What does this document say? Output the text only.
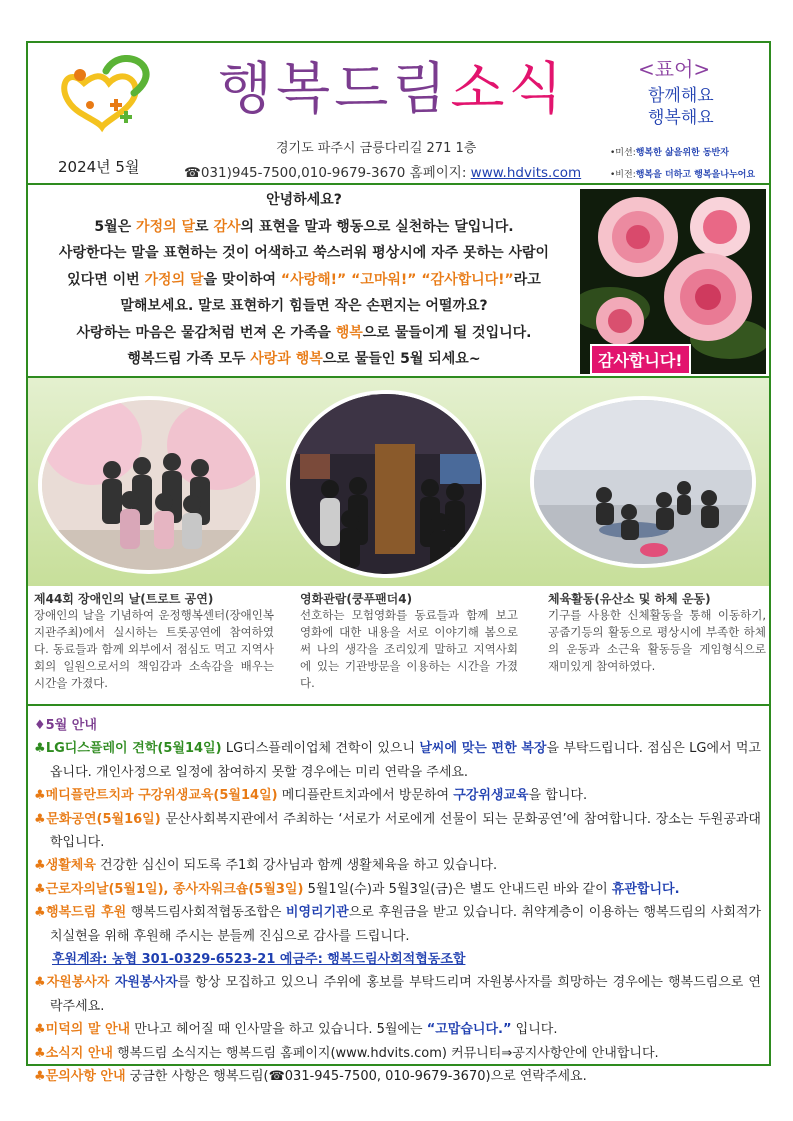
행복드림소식	<표어>
함께해요
행복해요
2024년 5월
경기도 파주시 금릉다리길 271 1층
☎031)945-7500,010-9679-3670 홈페이지: www.hdvits.com
•미션:행복한 삶을위한 동반자
•비전:행복을 더하고 행복을나누어요
안녕하세요?
5월은 가정의 달로 감사의 표현을 말과 행동으로 실천하는 달입니다.
사랑한다는 말을 표현하는 것이 어색하고 쑥스러워 평상시에 자주 못하는 사람이
있다면 이번 가정의 달을 맞이하여 “사랑해!” “고마워!” “감사합니다!”라고
말해보세요. 말로 표현하기 힘들면 작은 손편지는 어떨까요?
사랑하는 마음은 물감처럼 번져 온 가족을 행복으로 물들이게 될 것입니다.
행복드림 가족 모두 사랑과 행복으로 물들인 5월 되세요~	감사합니다!
제44회 장애인의 날(트로트 공연)

장애인의 날을 기념하여 운정행복센터(장애인복지관주최)에서 실시하는 트롯공연에 참여하였다. 동료들과 함께 외부에서 점심도 먹고 지역사회의 일원으로서의 책임감과 소속감을 배우는 시간을 가졌다.

영화관람(쿵푸팬더4)

선호하는 모험영화를 동료들과 함께 보고 영화에 대한 내용을 서로 이야기해 봄으로써 나의 생각을 조리있게 말하고 지역사회에 있는 기관방문을 이용하는 시간을 가졌다.

체육활동(유산소 및 하체 운동)

기구를 사용한 신체활동을 통해 이동하기, 공줍기등의 활동으로 평상시에 부족한 하체의 운동과 소근육 활동등을 게임형식으로 재미있게 참여하였다.

♦5월 안내
♣LG디스플레이 견학(5월14일) LG디스플레이업체 견학이 있으니 날씨에 맞는 편한 복장을 부탁드립니다. 점심은 LG에서 먹고 옵니다. 개인사정으로 일정에 참여하지 못할 경우에는 미리 연락을 주세요.
♣메디플란트치과 구강위생교육(5월14일) 메디플란트치과에서 방문하여 구강위생교육을 합니다.
♣문화공연(5월16일) 문산사회복지관에서 주최하는 ‘서로가 서로에게 선물이 되는 문화공연’에 참여합니다. 장소는 두원공과대학입니다.
♣생활체육 건강한 심신이 되도록 주1회 강사님과 함께 생활체육을 하고 있습니다.
♣근로자의날(5월1일), 종사자워크숍(5월3일) 5월1일(수)과 5월3일(금)은 별도 안내드린 바와 같이 휴관합니다.
♣행복드림 후원 행복드림사회적협동조합은 비영리기관으로 후원금을 받고 있습니다. 취약계층이 이용하는 행복드림의 사회적가치실현을 위해 후원해 주시는 분들께 진심으로 감사를 드립니다.
후원계좌: 농협 301-0329-6523-21 예금주: 행복드림사회적협동조합
♣자원봉사자 자원봉사자를 항상 모집하고 있으니 주위에 홍보를 부탁드리며 자원봉사자를 희망하는 경우에는 행복드림으로 연락주세요.
♣미덕의 말 안내 만나고 헤어질 때 인사말을 하고 있습니다. 5월에는 “고맙습니다.” 입니다.
♣소식지 안내 행복드림 소식지는 행복드림 홈페이지(www.hdvits.com) 커뮤니티⇒공지사항안에 안내합니다.
♣문의사항 안내 궁금한 사항은 행복드림(☎031-945-7500, 010-9679-3670)으로 연락주세요.
